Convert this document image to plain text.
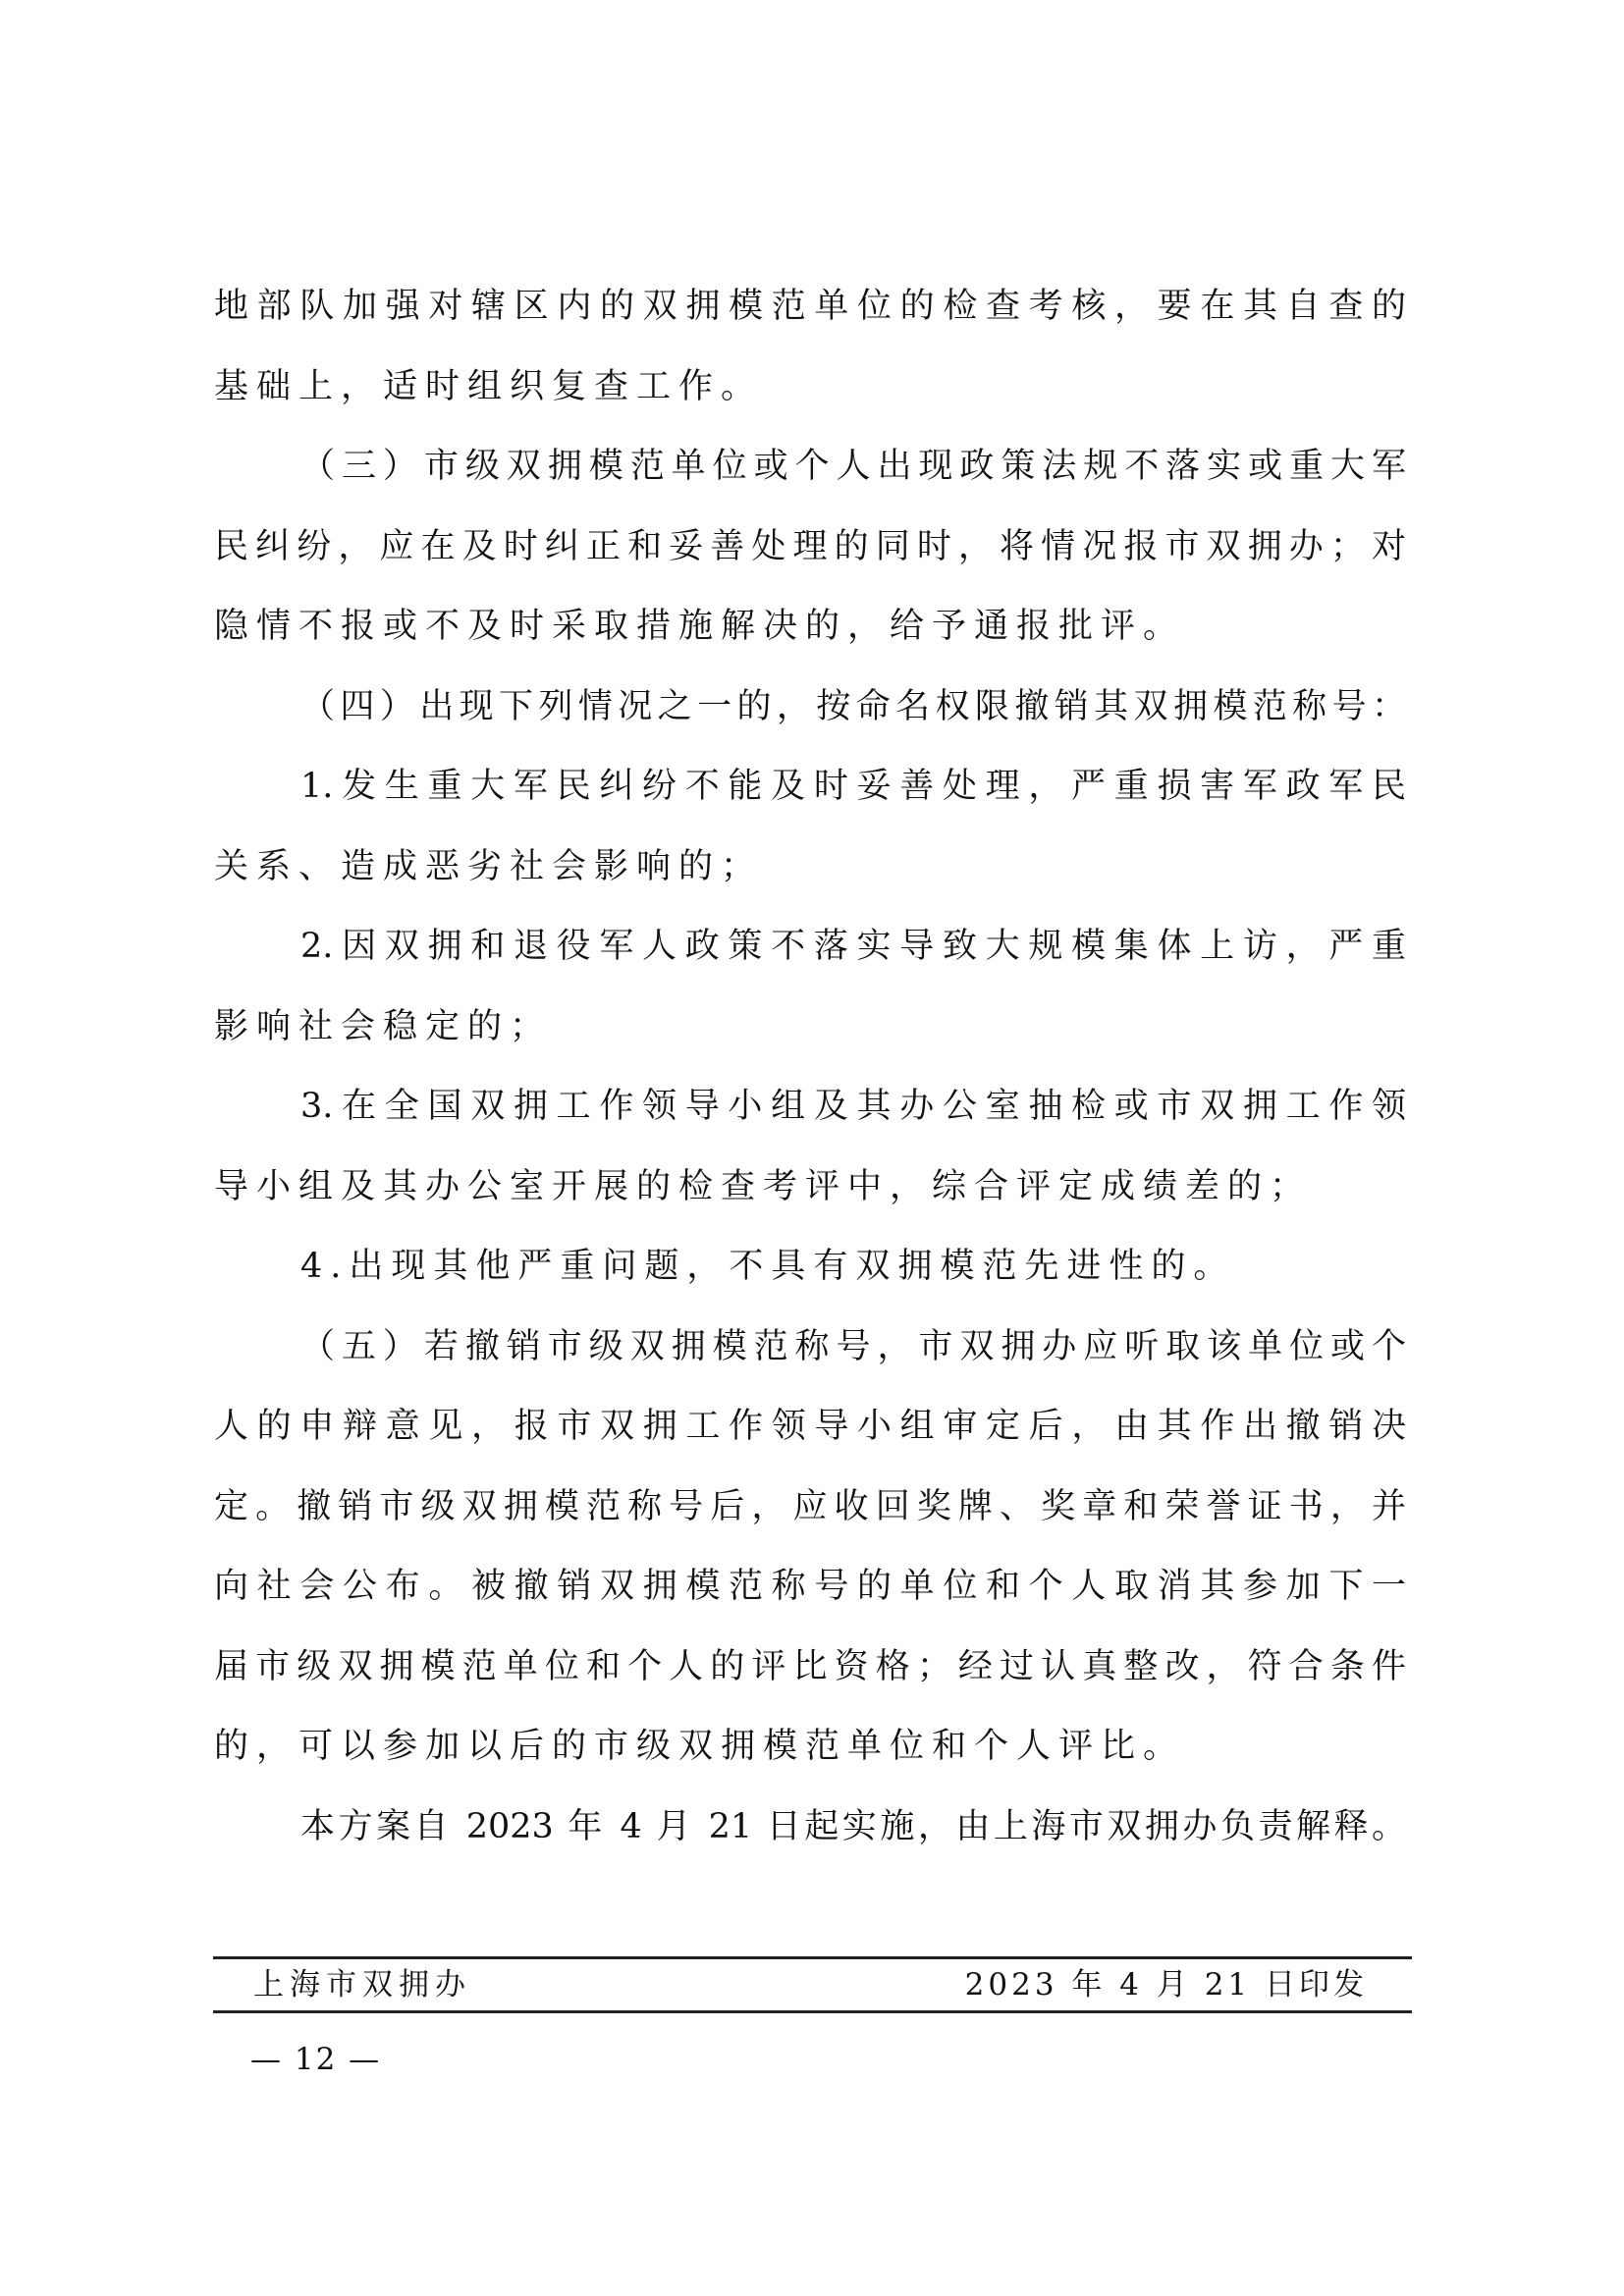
地部队加强对辖区内的双拥模范单位的检查考核，要在其自查的
基础上，适时组织复查工作。
（三）市级双拥模范单位或个人出现政策法规不落实或重大军
民纠纷，应在及时纠正和妥善处理的同时，将情况报市双拥办；对
隐情不报或不及时采取措施解决的，给予通报批评。
（四）出现下列情况之一的，按命名权限撤销其双拥模范称号：
1.发生重大军民纠纷不能及时妥善处理，严重损害军政军民
关系、造成恶劣社会影响的；
2.因双拥和退役军人政策不落实导致大规模集体上访，严重
影响社会稳定的；
3.在全国双拥工作领导小组及其办公室抽检或市双拥工作领
导小组及其办公室开展的检查考评中，综合评定成绩差的；
4.出现其他严重问题，不具有双拥模范先进性的。
（五）若撤销市级双拥模范称号，市双拥办应听取该单位或个
人的申辩意见，报市双拥工作领导小组审定后，由其作出撤销决
定。撤销市级双拥模范称号后，应收回奖牌、奖章和荣誉证书，并
向社会公布。被撤销双拥模范称号的单位和个人取消其参加下一
届市级双拥模范单位和个人的评比资格；经过认真整改，符合条件
的，可以参加以后的市级双拥模范单位和个人评比。
本方案自 2023 年 4 月 21 日起实施，由上海市双拥办负责解释。
上海市双拥办	2023 年 4 月 21 日印发
— 12 —
